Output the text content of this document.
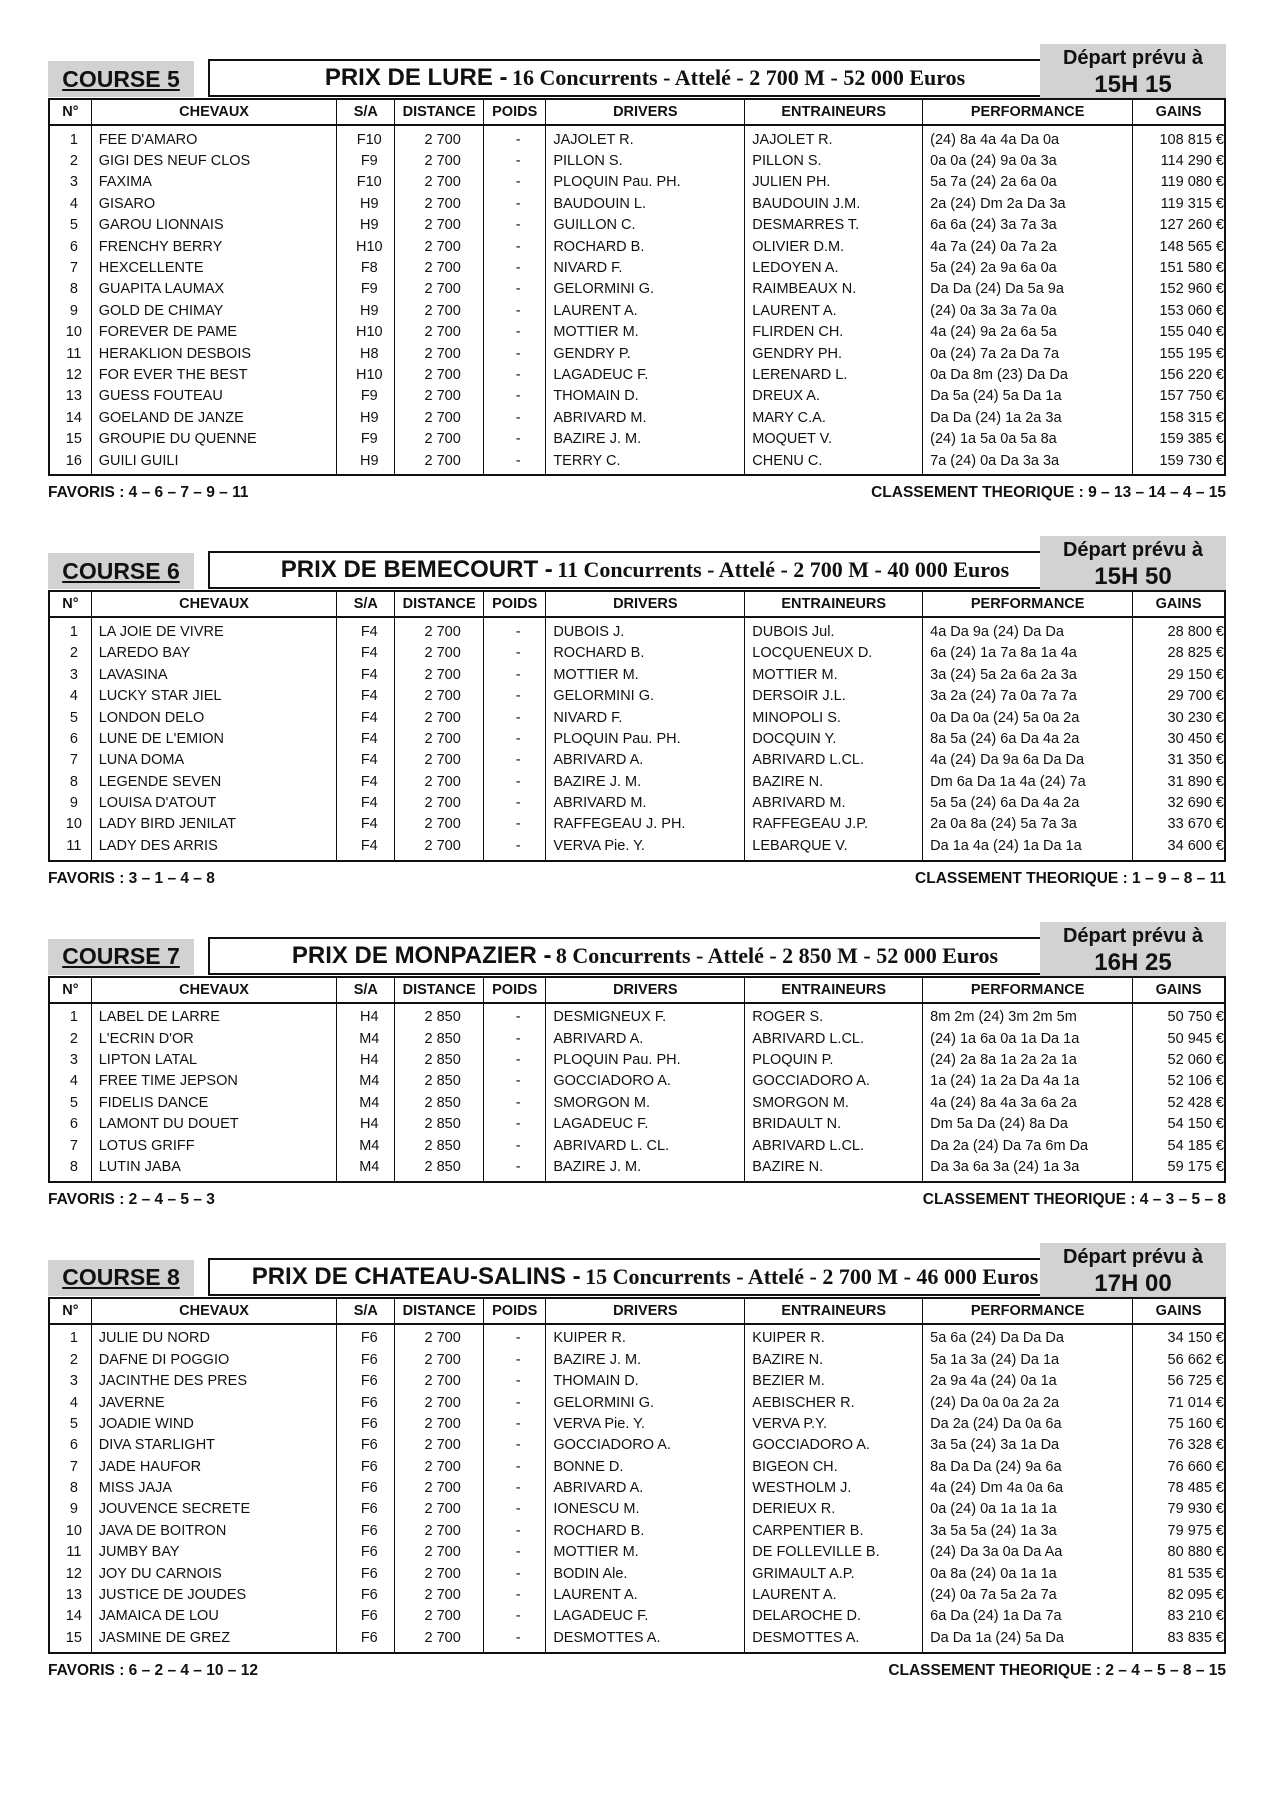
COURSE 5	PRIX DE LURE -
16 Concurrents - Attelé - 2 700 M - 52 000 Euros
Départ prévu à
15H 15
N°	CHEVAUX	S/A	DISTANCE	POIDS	DRIVERS	ENTRAINEURS	PERFORMANCE	GAINS
1	FEE D'AMARO	F10	2 700	-	JAJOLET R.	JAJOLET R.	(24) 8a 4a 4a Da 0a	108 815 €
2	GIGI DES NEUF CLOS	F9	2 700	-	PILLON S.	PILLON S.	0a 0a (24) 9a 0a 3a	114 290 €
3	FAXIMA	F10	2 700	-	PLOQUIN Pau. PH.	JULIEN PH.	5a 7a (24) 2a 6a 0a	119 080 €
4	GISARO	H9	2 700	-	BAUDOUIN L.	BAUDOUIN J.M.	2a (24) Dm 2a Da 3a	119 315 €
5	GAROU LIONNAIS	H9	2 700	-	GUILLON C.	DESMARRES T.	6a 6a (24) 3a 7a 3a	127 260 €
6	FRENCHY BERRY	H10	2 700	-	ROCHARD B.	OLIVIER D.M.	4a 7a (24) 0a 7a 2a	148 565 €
7	HEXCELLENTE	F8	2 700	-	NIVARD F.	LEDOYEN A.	5a (24) 2a 9a 6a 0a	151 580 €
8	GUAPITA LAUMAX	F9	2 700	-	GELORMINI G.	RAIMBEAUX N.	Da Da (24) Da 5a 9a	152 960 €
9	GOLD DE CHIMAY	H9	2 700	-	LAURENT A.	LAURENT A.	(24) 0a 3a 3a 7a 0a	153 060 €
10	FOREVER DE PAME	H10	2 700	-	MOTTIER M.	FLIRDEN CH.	4a (24) 9a 2a 6a 5a	155 040 €
11	HERAKLION DESBOIS	H8	2 700	-	GENDRY P.	GENDRY PH.	0a (24) 7a 2a Da 7a	155 195 €
12	FOR EVER THE BEST	H10	2 700	-	LAGADEUC F.	LERENARD L.	0a Da 8m (23) Da Da	156 220 €
13	GUESS FOUTEAU	F9	2 700	-	THOMAIN D.	DREUX A.	Da 5a (24) 5a Da 1a	157 750 €
14	GOELAND DE JANZE	H9	2 700	-	ABRIVARD M.	MARY C.A.	Da Da (24) 1a 2a 3a	158 315 €
15	GROUPIE DU QUENNE	F9	2 700	-	BAZIRE J. M.	MOQUET V.	(24) 1a 5a 0a 5a 8a	159 385 €
16	GUILI GUILI	H9	2 700	-	TERRY C.	CHENU C.	7a (24) 0a Da 3a 3a	159 730 €
FAVORIS : 4 – 6 – 7 – 9 – 11	CLASSEMENT THEORIQUE : 9 – 13 – 14 – 4 – 15
COURSE 6	PRIX DE BEMECOURT -
11 Concurrents - Attelé - 2 700 M - 40 000 Euros
Départ prévu à
15H 50
N°	CHEVAUX	S/A	DISTANCE	POIDS	DRIVERS	ENTRAINEURS	PERFORMANCE	GAINS
1	LA JOIE DE VIVRE	F4	2 700	-	DUBOIS J.	DUBOIS Jul.	4a Da 9a (24) Da Da	28 800 €
2	LAREDO BAY	F4	2 700	-	ROCHARD B.	LOCQUENEUX D.	6a (24) 1a 7a 8a 1a 4a	28 825 €
3	LAVASINA	F4	2 700	-	MOTTIER M.	MOTTIER M.	3a (24) 5a 2a 6a 2a 3a	29 150 €
4	LUCKY STAR JIEL	F4	2 700	-	GELORMINI G.	DERSOIR J.L.	3a 2a (24) 7a 0a 7a 7a	29 700 €
5	LONDON DELO	F4	2 700	-	NIVARD F.	MINOPOLI S.	0a Da 0a (24) 5a 0a 2a	30 230 €
6	LUNE DE L'EMION	F4	2 700	-	PLOQUIN Pau. PH.	DOCQUIN Y.	8a 5a (24) 6a Da 4a 2a	30 450 €
7	LUNA DOMA	F4	2 700	-	ABRIVARD A.	ABRIVARD L.CL.	4a (24) Da 9a 6a Da Da	31 350 €
8	LEGENDE SEVEN	F4	2 700	-	BAZIRE J. M.	BAZIRE N.	Dm 6a Da 1a 4a (24) 7a	31 890 €
9	LOUISA D'ATOUT	F4	2 700	-	ABRIVARD M.	ABRIVARD M.	5a 5a (24) 6a Da 4a 2a	32 690 €
10	LADY BIRD JENILAT	F4	2 700	-	RAFFEGEAU J. PH.	RAFFEGEAU J.P.	2a 0a 8a (24) 5a 7a 3a	33 670 €
11	LADY DES ARRIS	F4	2 700	-	VERVA Pie. Y.	LEBARQUE V.	Da 1a 4a (24) 1a Da 1a	34 600 €
FAVORIS : 3 – 1 – 4 – 8	CLASSEMENT THEORIQUE : 1 – 9 – 8 – 11
COURSE 7	PRIX DE MONPAZIER -
8 Concurrents - Attelé - 2 850 M - 52 000 Euros
Départ prévu à
16H 25
N°	CHEVAUX	S/A	DISTANCE	POIDS	DRIVERS	ENTRAINEURS	PERFORMANCE	GAINS
1	LABEL DE LARRE	H4	2 850	-	DESMIGNEUX F.	ROGER S.	8m 2m (24) 3m 2m 5m	50 750 €
2	L'ECRIN D'OR	M4	2 850	-	ABRIVARD A.	ABRIVARD L.CL.	(24) 1a 6a 0a 1a Da 1a	50 945 €
3	LIPTON LATAL	H4	2 850	-	PLOQUIN Pau. PH.	PLOQUIN P.	(24) 2a 8a 1a 2a 2a 1a	52 060 €
4	FREE TIME JEPSON	M4	2 850	-	GOCCIADORO A.	GOCCIADORO A.	1a (24) 1a 2a Da 4a 1a	52 106 €
5	FIDELIS DANCE	M4	2 850	-	SMORGON M.	SMORGON M.	4a (24) 8a 4a 3a 6a 2a	52 428 €
6	LAMONT DU DOUET	H4	2 850	-	LAGADEUC F.	BRIDAULT N.	Dm 5a Da (24) 8a Da	54 150 €
7	LOTUS GRIFF	M4	2 850	-	ABRIVARD L. CL.	ABRIVARD L.CL.	Da 2a (24) Da 7a 6m Da	54 185 €
8	LUTIN JABA	M4	2 850	-	BAZIRE J. M.	BAZIRE N.	Da 3a 6a 3a (24) 1a 3a	59 175 €
FAVORIS : 2 – 4 – 5 – 3	CLASSEMENT THEORIQUE : 4 – 3 – 5 – 8
COURSE 8	PRIX DE CHATEAU-SALINS -
15 Concurrents - Attelé - 2 700 M - 46 000 Euros
Départ prévu à
17H 00
N°	CHEVAUX	S/A	DISTANCE	POIDS	DRIVERS	ENTRAINEURS	PERFORMANCE	GAINS
1	JULIE DU NORD	F6	2 700	-	KUIPER R.	KUIPER R.	5a 6a (24) Da Da Da	34 150 €
2	DAFNE DI POGGIO	F6	2 700	-	BAZIRE J. M.	BAZIRE N.	5a 1a 3a (24) Da 1a	56 662 €
3	JACINTHE DES PRES	F6	2 700	-	THOMAIN D.	BEZIER M.	2a 9a 4a (24) 0a 1a	56 725 €
4	JAVERNE	F6	2 700	-	GELORMINI G.	AEBISCHER R.	(24) Da 0a 0a 2a 2a	71 014 €
5	JOADIE WIND	F6	2 700	-	VERVA Pie. Y.	VERVA P.Y.	Da 2a (24) Da 0a 6a	75 160 €
6	DIVA STARLIGHT	F6	2 700	-	GOCCIADORO A.	GOCCIADORO A.	3a 5a (24) 3a 1a Da	76 328 €
7	JADE HAUFOR	F6	2 700	-	BONNE D.	BIGEON CH.	8a Da Da (24) 9a 6a	76 660 €
8	MISS JAJA	F6	2 700	-	ABRIVARD A.	WESTHOLM J.	4a (24) Dm 4a 0a 6a	78 485 €
9	JOUVENCE SECRETE	F6	2 700	-	IONESCU M.	DERIEUX R.	0a (24) 0a 1a 1a 1a	79 930 €
10	JAVA DE BOITRON	F6	2 700	-	ROCHARD B.	CARPENTIER B.	3a 5a 5a (24) 1a 3a	79 975 €
11	JUMBY BAY	F6	2 700	-	MOTTIER M.	DE FOLLEVILLE B.	(24) Da 3a 0a Da Aa	80 880 €
12	JOY DU CARNOIS	F6	2 700	-	BODIN Ale.	GRIMAULT A.P.	0a 8a (24) 0a 1a 1a	81 535 €
13	JUSTICE DE JOUDES	F6	2 700	-	LAURENT A.	LAURENT A.	(24) 0a 7a 5a 2a 7a	82 095 €
14	JAMAICA DE LOU	F6	2 700	-	LAGADEUC F.	DELAROCHE D.	6a Da (24) 1a Da 7a	83 210 €
15	JASMINE DE GREZ	F6	2 700	-	DESMOTTES A.	DESMOTTES A.	Da Da 1a (24) 5a Da	83 835 €
FAVORIS : 6 – 2 – 4 – 10 – 12	CLASSEMENT THEORIQUE : 2 – 4 – 5 – 8 – 15
